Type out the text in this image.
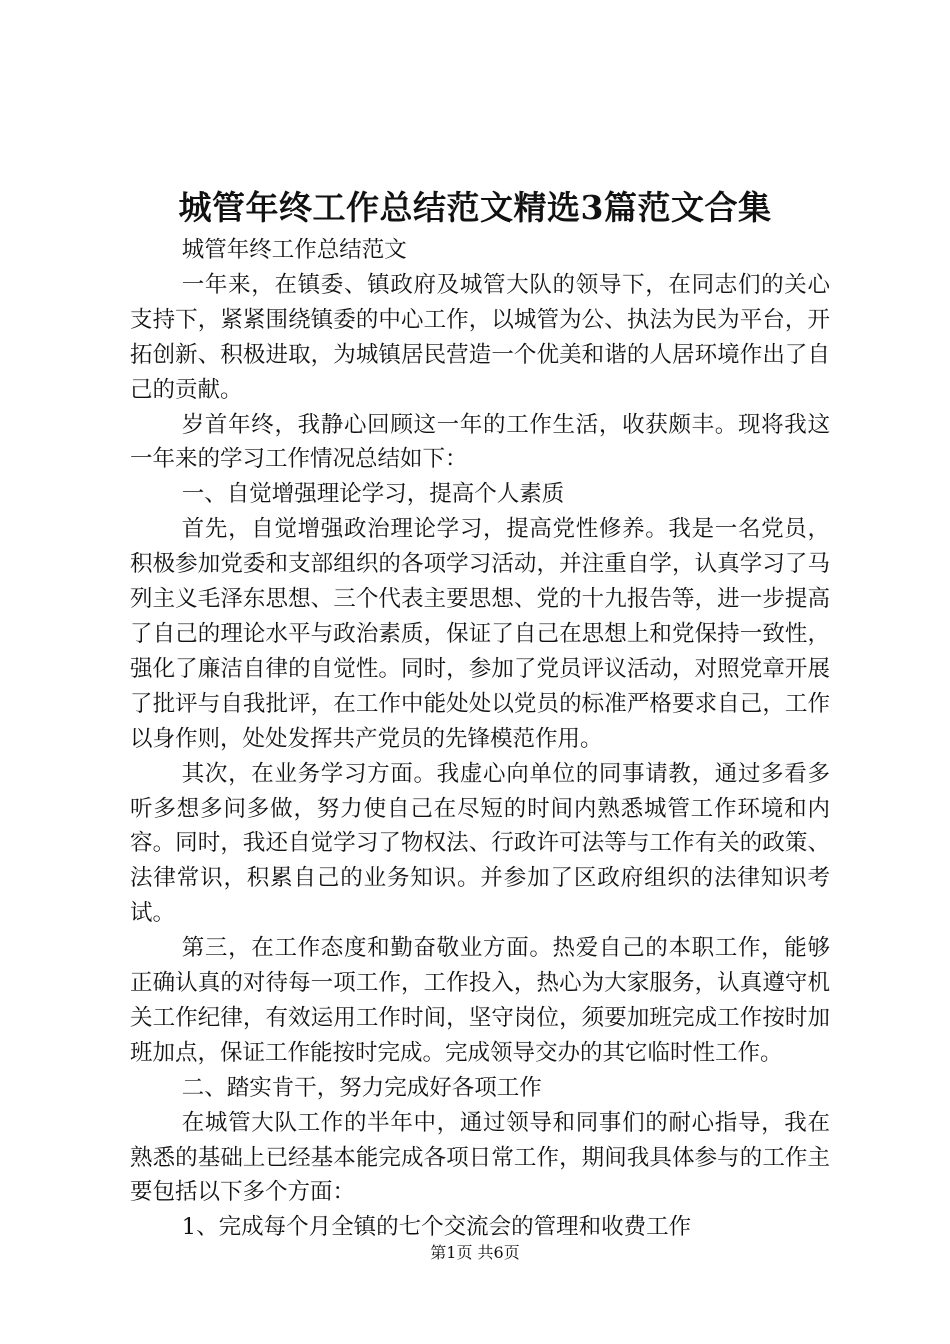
城管年终工作总结范文精选3篇范文合集

城管年终工作总结范文

一年来，在镇委、镇政府及城管大队的领导下，在同志们的关心支持下，紧紧围绕镇委的中心工作，以城管为公、执法为民为平台，开拓创新、积极进取，为城镇居民营造一个优美和谐的人居环境作出了自己的贡献。

岁首年终，我静心回顾这一年的工作生活，收获颇丰。现将我这一年来的学习工作情况总结如下：

一、自觉增强理论学习，提高个人素质

首先，自觉增强政治理论学习，提高党性修养。我是一名党员，积极参加党委和支部组织的各项学习活动，并注重自学，认真学习了马列主义毛泽东思想、三个代表主要思想、党的十九报告等，进一步提高了自己的理论水平与政治素质，保证了自己在思想上和党保持一致性，强化了廉洁自律的自觉性。同时，参加了党员评议活动，对照党章开展了批评与自我批评，在工作中能处处以党员的标准严格要求自己，工作以身作则，处处发挥共产党员的先锋模范作用。

其次，在业务学习方面。我虚心向单位的同事请教，通过多看多听多想多问多做，努力使自己在尽短的时间内熟悉城管工作环境和内容。同时，我还自觉学习了物权法、行政许可法等与工作有关的政策、法律常识，积累自己的业务知识。并参加了区政府组织的法律知识考试。

第三，在工作态度和勤奋敬业方面。热爱自己的本职工作，能够正确认真的对待每一项工作，工作投入，热心为大家服务，认真遵守机关工作纪律，有效运用工作时间，坚守岗位，须要加班完成工作按时加班加点，保证工作能按时完成。完成领导交办的其它临时性工作。

二、踏实肯干，努力完成好各项工作

在城管大队工作的半年中，通过领导和同事们的耐心指导，我在熟悉的基础上已经基本能完成各项日常工作，期间我具体参与的工作主要包括以下多个方面：

1、完成每个月全镇的七个交流会的管理和收费工作

第1页 共6页
